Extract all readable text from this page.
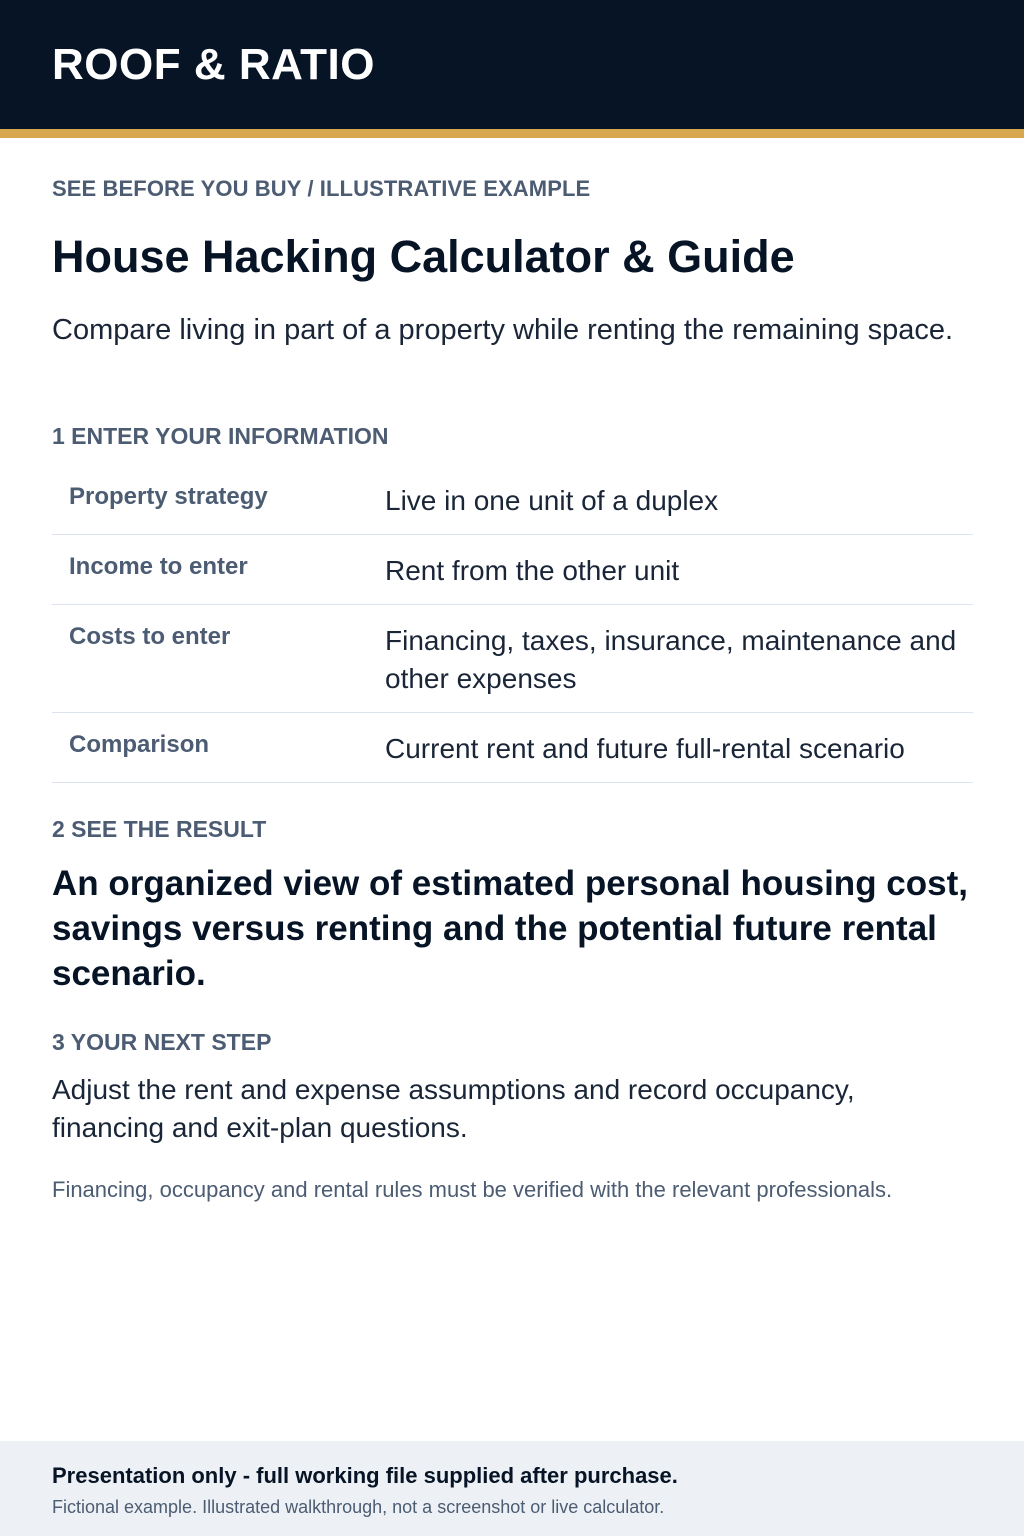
ROOF & RATIO
SEE BEFORE YOU BUY / ILLUSTRATIVE EXAMPLE
House Hacking Calculator & Guide
Compare living in part of a property while renting the remaining space.
1 ENTER YOUR INFORMATION
Property strategy	Live in one unit of a duplex
Income to enter	Rent from the other unit
Costs to enter	Financing, taxes, insurance, maintenance and other expenses
Comparison	Current rent and future full-rental scenario
2 SEE THE RESULT
An organized view of estimated personal housing cost, savings versus renting and the potential future rental scenario.
3 YOUR NEXT STEP
Adjust the rent and expense assumptions and record occupancy, financing and exit-plan questions.
Financing, occupancy and rental rules must be verified with the relevant professionals.
Presentation only - full working file supplied after purchase.
Fictional example. Illustrated walkthrough, not a screenshot or live calculator.
